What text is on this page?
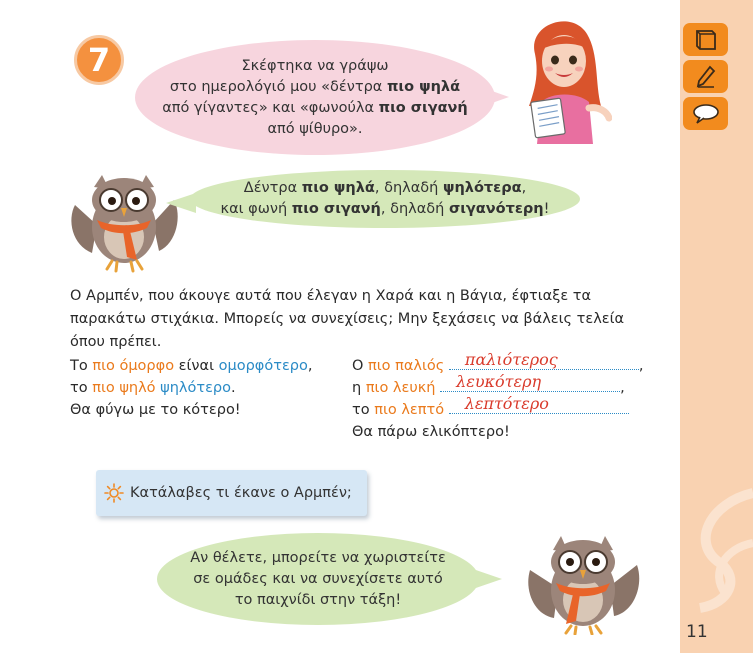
11
7	Σκέφτηκα να γράψω
στο ημερολόγιό μου «δέντρα πιο ψηλά
από γίγαντες» και «φωνούλα πιο σιγανή
από ψίθυρο».
Δέντρα πιο ψηλά, δηλαδή ψηλότερα,
και φωνή πιο σιγανή, δηλαδή σιγανότερη!
Ο Αρμπέν, που άκουγε αυτά που έλεγαν η Χαρά και η Βάγια, έφτιαξε τα παρακάτω στιχάκια. Μπορείς να συνεχίσεις; Μην ξεχάσεις να βάλεις τελεία όπου πρέπει.
Το πιο όμορφο είναι ομορφότερο,
το πιο ψηλό ψηλότερο.
Θα φύγω με το κότερο!
Ο πιο παλιός παλιότερος	,
η πιο λευκή λευκότερη	,
το πιο λεπτό λεπτότερο
Θα πάρω ελικόπτερο!
Κατάλαβες τι έκανε ο Αρμπέν;
Αν θέλετε, μπορείτε να χωριστείτε
σε ομάδες και να συνεχίσετε αυτό
το παιχνίδι στην τάξη!
